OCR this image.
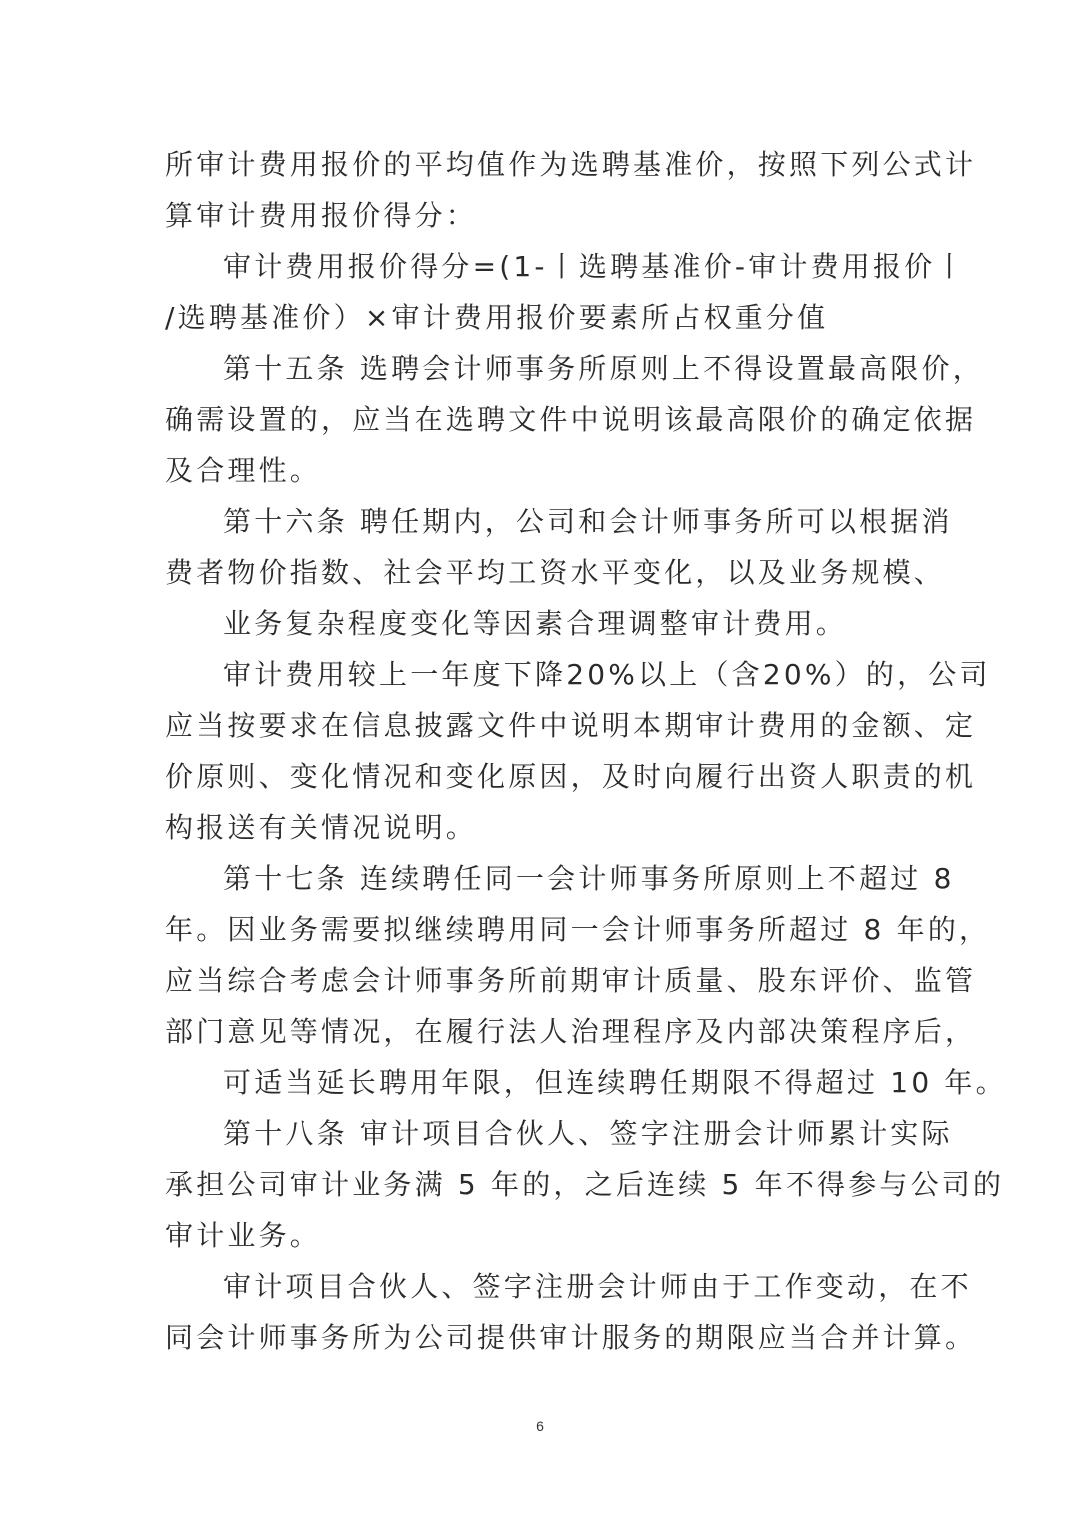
所审计费用报价的平均值作为选聘基准价，按照下列公式计
算审计费用报价得分：
审计费用报价得分=(1-丨选聘基准价-审计费用报价丨
/选聘基准价）×审计费用报价要素所占权重分值
第十五条 选聘会计师事务所原则上不得设置最高限价，
确需设置的，应当在选聘文件中说明该最高限价的确定依据
及合理性。
第十六条 聘任期内，公司和会计师事务所可以根据消
费者物价指数、社会平均工资水平变化，以及业务规模、
业务复杂程度变化等因素合理调整审计费用。
审计费用较上一年度下降20%以上（含20%）的，公司
应当按要求在信息披露文件中说明本期审计费用的金额、定
价原则、变化情况和变化原因，及时向履行出资人职责的机
构报送有关情况说明。
第十七条 连续聘任同一会计师事务所原则上不超过 8
年。因业务需要拟继续聘用同一会计师事务所超过 8 年的，
应当综合考虑会计师事务所前期审计质量、股东评价、监管
部门意见等情况，在履行法人治理程序及内部决策程序后，
可适当延长聘用年限，但连续聘任期限不得超过 10 年。
第十八条 审计项目合伙人、签字注册会计师累计实际
承担公司审计业务满 5 年的，之后连续 5 年不得参与公司的
审计业务。
审计项目合伙人、签字注册会计师由于工作变动，在不
同会计师事务所为公司提供审计服务的期限应当合并计算。
6
